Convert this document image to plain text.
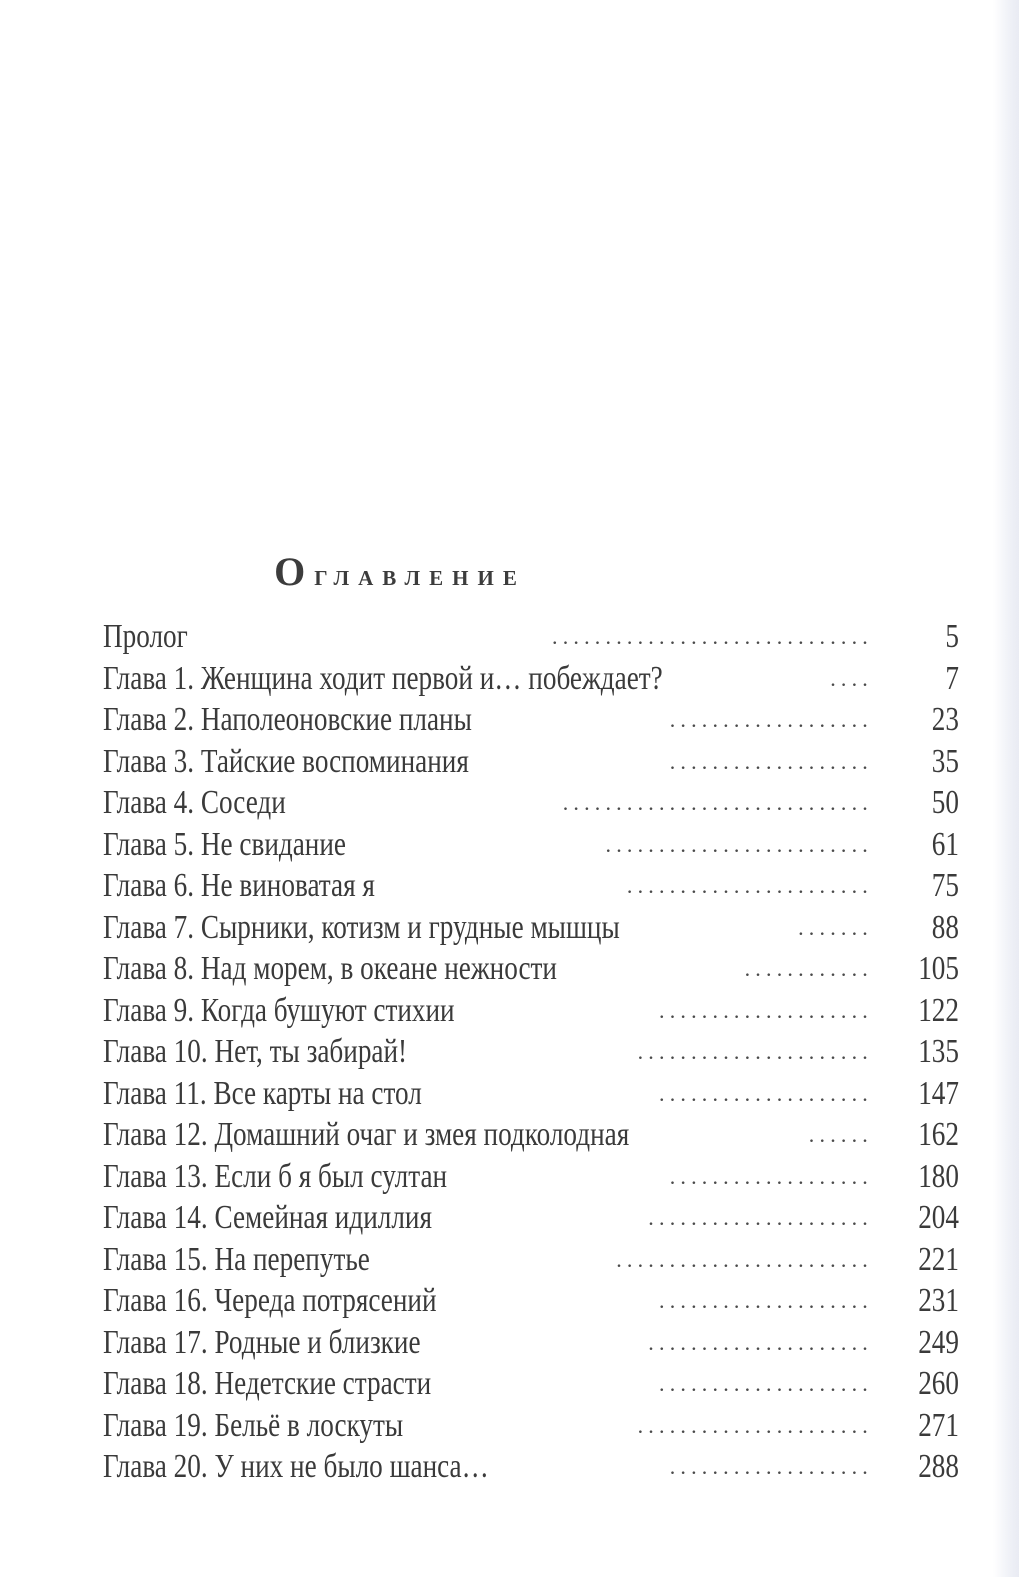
Оглавление
Пролог	.............................. 5
Глава 1. Женщина ходит первой и… побеждает?	.... 7
Глава 2. Наполеоновские планы	................... 23
Глава 3. Тайские воспоминания	................... 35
Глава 4. Соседи	............................. 50
Глава 5. Не свидание	......................... 61
Глава 6. Не виноватая я	....................... 75
Глава 7. Сырники, котизм и грудные мышцы	....... 88
Глава 8. Над морем, в океане нежности	............ 105
Глава 9. Когда бушуют стихии	.................... 122
Глава 10. Нет, ты забирай!	...................... 135
Глава 11. Все карты на стол	.................... 147
Глава 12. Домашний очаг и змея подколодная	...... 162
Глава 13. Если б я был султан	................... 180
Глава 14. Семейная идиллия	..................... 204
Глава 15. На перепутье	........................ 221
Глава 16. Череда потрясений	.................... 231
Глава 17. Родные и близкие	..................... 249
Глава 18. Недетские страсти	.................... 260
Глава 19. Бельё в лоскуты	...................... 271
Глава 20. У них не было шанса…	................... 288
